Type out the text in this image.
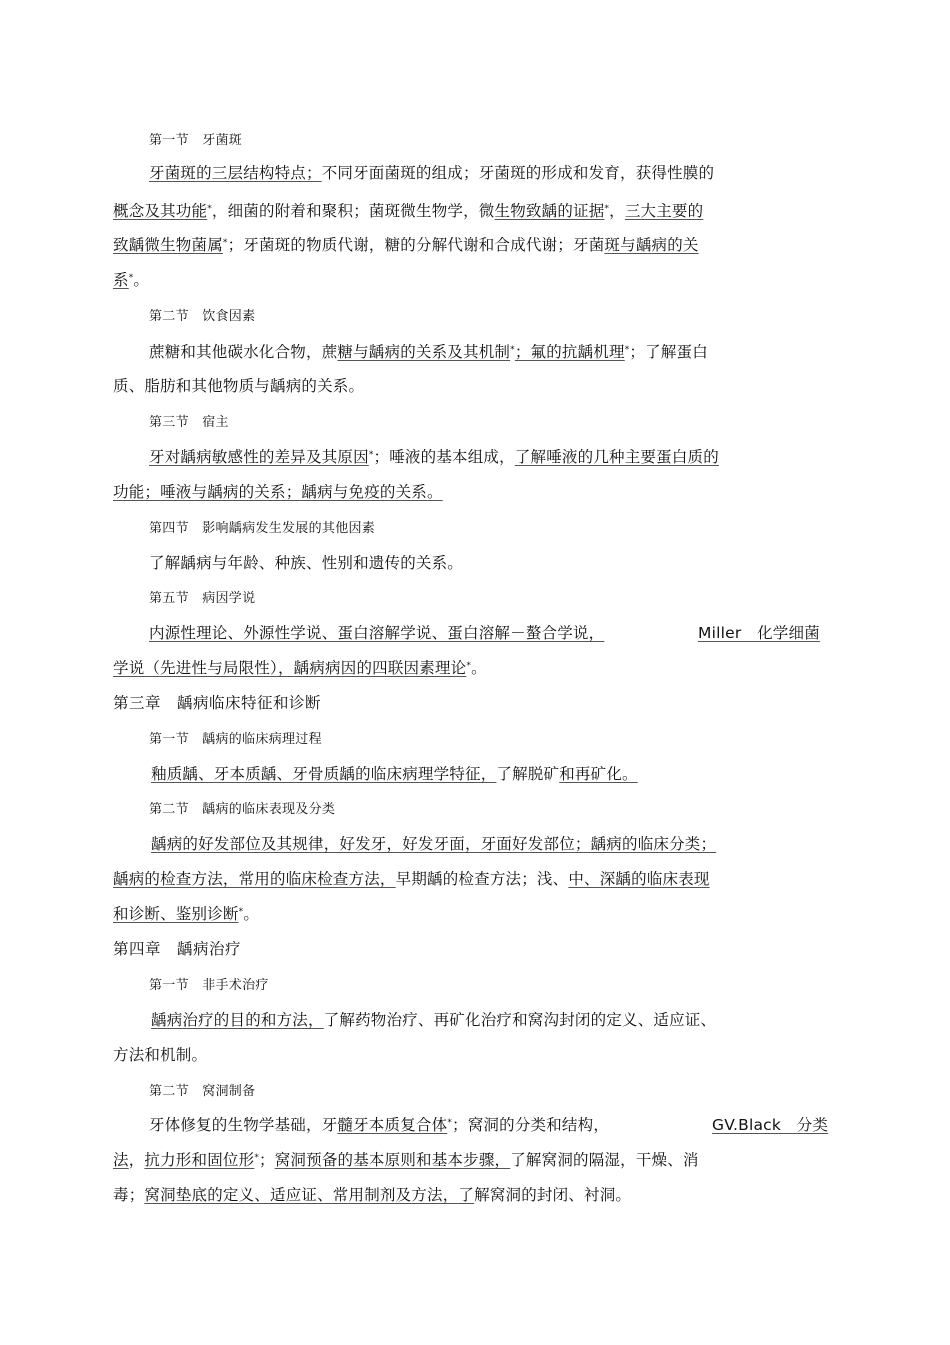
第一节　牙菌斑
牙菌斑的三层结构特点；不同牙面菌斑的组成；牙菌斑的形成和发育，获得性膜的
概念及其功能*，细菌的附着和聚积；菌斑微生物学，微生物致龋的证据*，三大主要的
致龋微生物菌属*；牙菌斑的物质代谢，糖的分解代谢和合成代谢；牙菌斑与龋病的关
系*。
第二节　饮食因素
蔗糖和其他碳水化合物，蔗糖与龋病的关系及其机制*；氟的抗龋机理*；了解蛋白
质、脂肪和其他物质与龋病的关系。
第三节　宿主
牙对龋病敏感性的差异及其原因*；唾液的基本组成，了解唾液的几种主要蛋白质的
功能；唾液与龋病的关系；龋病与免疫的关系。
第四节　影响龋病发生发展的其他因素
了解龋病与年龄、种族、性别和遗传的关系。
第五节　病因学说
内源性理论、外源性学说、蛋白溶解学说、蛋白溶解－螯合学说，	Miller　化学细菌
学说（先进性与局限性），龋病病因的四联因素理论*。
第三章　龋病临床特征和诊断
第一节　龋病的临床病理过程
釉质龋、牙本质龋、牙骨质龋的临床病理学特征，了解脱矿和再矿化。
第二节　龋病的临床表现及分类
龋病的好发部位及其规律，好发牙，好发牙面，牙面好发部位；龋病的临床分类；
龋病的检查方法，常用的临床检查方法，早期龋的检查方法；浅、中、深龋的临床表现
和诊断、鉴别诊断*。
第四章　龋病治疗
第一节　非手术治疗
龋病治疗的目的和方法，了解药物治疗、再矿化治疗和窝沟封闭的定义、适应证、
方法和机制。
第二节　窝洞制备
牙体修复的生物学基础，牙髓牙本质复合体*；窝洞的分类和结构，	GV.Black　分类
法，抗力形和固位形*；窝洞预备的基本原则和基本步骤，了解窝洞的隔湿，干燥、消
毒；窝洞垫底的定义、适应证、常用制剂及方法，了解窝洞的封闭、衬洞。
